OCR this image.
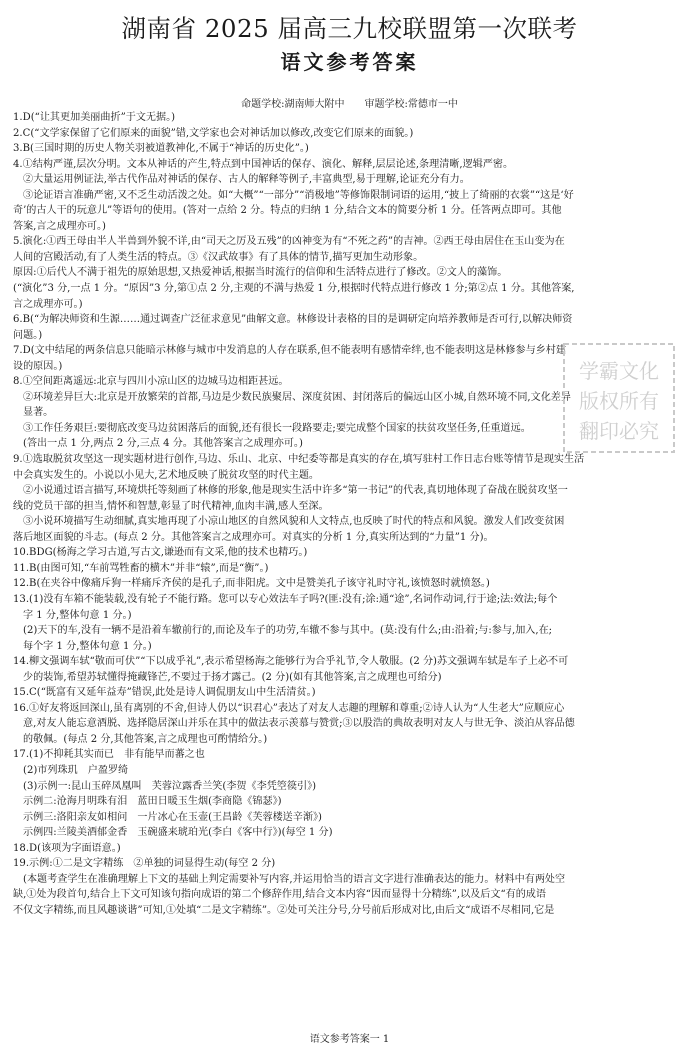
湖南省 2025 届高三九校联盟第一次联考
语文参考答案
命题学校:湖南师大附中　　审题学校:常德市一中
1.D(“让其更加美丽曲折”于文无据。)
2.C(“文学家保留了它们原来的面貌”错,文学家也会对神话加以修改,改变它们原来的面貌。)
3.B(三国时期的历史人物关羽被道教神化,不属于“神话的历史化”。)
4.①结构严谨,层次分明。文本从神话的产生,特点到中国神话的保存、演化、解释,层层论述,条理清晰,逻辑严密。
②大量运用例证法,举古代作品对神话的保存、古人的解释等例子,丰富典型,易于理解,论证充分有力。
③论证语言准确严密,又不乏生动活泼之处。如“大概”“一部分”“消极地”等修饰限制词语的运用,“披上了绮丽的衣裳”“这是‘好
奇’的古人干的玩意儿”等语句的使用。(答对一点给 2 分。特点的归纳 1 分,结合文本的简要分析 1 分。任答两点即可。其他
答案,言之成理亦可。)
5.演化:①西王母由半人半兽到外貌不详,由“司天之厉及五残”的凶神变为有“不死之药”的吉神。②西王母由居住在玉山变为在
人间的宫殿活动,有了人类生活的特点。③《汉武故事》有了具体的情节,描写更加生动形象。
原因:①后代人不满于祖先的原始思想,又热爱神话,根据当时流行的信仰和生活特点进行了修改。②文人的藻饰。
(“演化”3 分,一点 1 分。“原因”3 分,第①点 2 分,主观的不满与热爱 1 分,根据时代特点进行修改 1 分;第②点 1 分。其他答案,
言之成理亦可。)
6.B(“为解决师资和生源……通过调查广泛征求意见”曲解文意。林修设计表格的目的是调研定向培养教师是否可行,以解决师资
问题。)
7.D(文中结尾的两条信息只能暗示林修与城市中发消息的人存在联系,但不能表明有感情牵绊,也不能表明这是林修参与乡村建
设的原因。)
8.①空间距离遥远:北京与四川小凉山区的边城马边相距甚远。
②环境差异巨大:北京是开放繁荣的首都,马边是少数民族聚居、深度贫困、封闭落后的偏远山区小城,自然环境不同,文化差异
显著。
③工作任务艰巨:要彻底改变马边贫困落后的面貌,还有很长一段路要走;要完成整个国家的扶贫攻坚任务,任重道远。
(答出一点 1 分,两点 2 分,三点 4 分。其他答案言之成理亦可。)
9.①选取脱贫攻坚这一现实题材进行创作,马边、乐山、北京、中纪委等都是真实的存在,填写驻村工作日志台账等情节是现实生活
中会真实发生的。小说以小见大,艺术地反映了脱贫攻坚的时代主题。
②小说通过语言描写,环境烘托等刻画了林修的形象,他是现实生活中许多“第一书记”的代表,真切地体现了奋战在脱贫攻坚一
线的党员干部的担当,情怀和智慧,彰显了时代精神,血肉丰满,感人至深。
③小说环境描写生动细腻,真实地再现了小凉山地区的自然风貌和人文特点,也反映了时代的特点和风貌。激发人们改变贫困
落后地区面貌的斗志。(每点 2 分。其他答案言之成理亦可。对真实的分析 1 分,真实所达到的“力量”1 分)。
10.BDG(杨海之学习古道,写古文,谦逊而有文采,他的技术也精巧。)
11.B(由图可知,“车前骂牲畜的横木”并非“辕”,而是“衡”。)
12.B(在夹谷中像痛斥狗一样痛斥齐侯的是孔子,而非阳虎。文中是赞美孔子该守礼时守礼,该愤怒时就愤怒。)
13.(1)没有车箱不能装载,没有轮子不能行路。您可以专心效法车子吗?(匪:没有;涂:通“途”,名词作动词,行于途;法:效法;每个
字 1 分,整体句意 1 分。)
(2)天下的车,没有一辆不是沿着车辙前行的,而论及车子的功劳,车辙不参与其中。(莫:没有什么;由:沿着;与:参与,加入,在;
每个字 1 分,整体句意 1 分。)
14.柳文强调车轼“敬而可伏”“下以成乎礼”,表示希望杨海之能够行为合乎礼节,令人敬服。(2 分)苏文强调车轼是车子上必不可
少的装饰,希望苏轼懂得掩藏锋芒,不要过于扬才露己。(2 分)(如有其他答案,言之成理也可给分)
15.C(“既富有又延年益寿”错误,此处是诗人调侃朋友山中生活清贫。)
16.①好友将返回深山,虽有离别的不舍,但诗人仍以“识君心”表达了对友人志趣的理解和尊重;②诗人认为“人生老大”应顺应心
意,对友人能忘意酒脱、选择隐居深山并乐在其中的做法表示羡慕与赞赏;③以股浩的典故表明对友人与世无争、淡泊从容品德
的敬佩。(每点 2 分,其他答案,言之成理也可酌情给分。)
17.(1)不抑耗其实而已　非有能早而蕃之也
(2)市列珠玑　户盈罗绮
(3)示例一:昆山玉碎凤凰叫　芙蓉泣露香兰笑(李贺《李凭箜篌引》)
示例二:沧海月明珠有泪　蓝田日暖玉生烟(李商隐《锦瑟》)
示例三:洛阳亲友如相问　一片冰心在玉壶(王昌龄《芙蓉楼送辛渐》)
示例四:兰陵美酒郁金香　玉碗盛来琥珀光(李白《客中行》)(每空 1 分)
18.D(该项为字面语意。)
19.示例:①二是文字精练　②单独的词显得生动(每空 2 分)
(本题考查学生在准确理解上下文的基础上判定需要补写内容,并运用恰当的语言文字进行准确表达的能力。材料中有两处空
缺,①处为段首句,结合上下文可知该句指向成语的第二个修辞作用,结合文本内容“因而显得十分精练”,以及后文“有的成语
不仅文字精练,而且风趣谈谐”可知,①处填“二是文字精练”。②处可关注分号,分号前后形成对比,由后文“成语不尽相同,它是
学霸文化
版权所有
翻印必究
语文参考答案一 1
